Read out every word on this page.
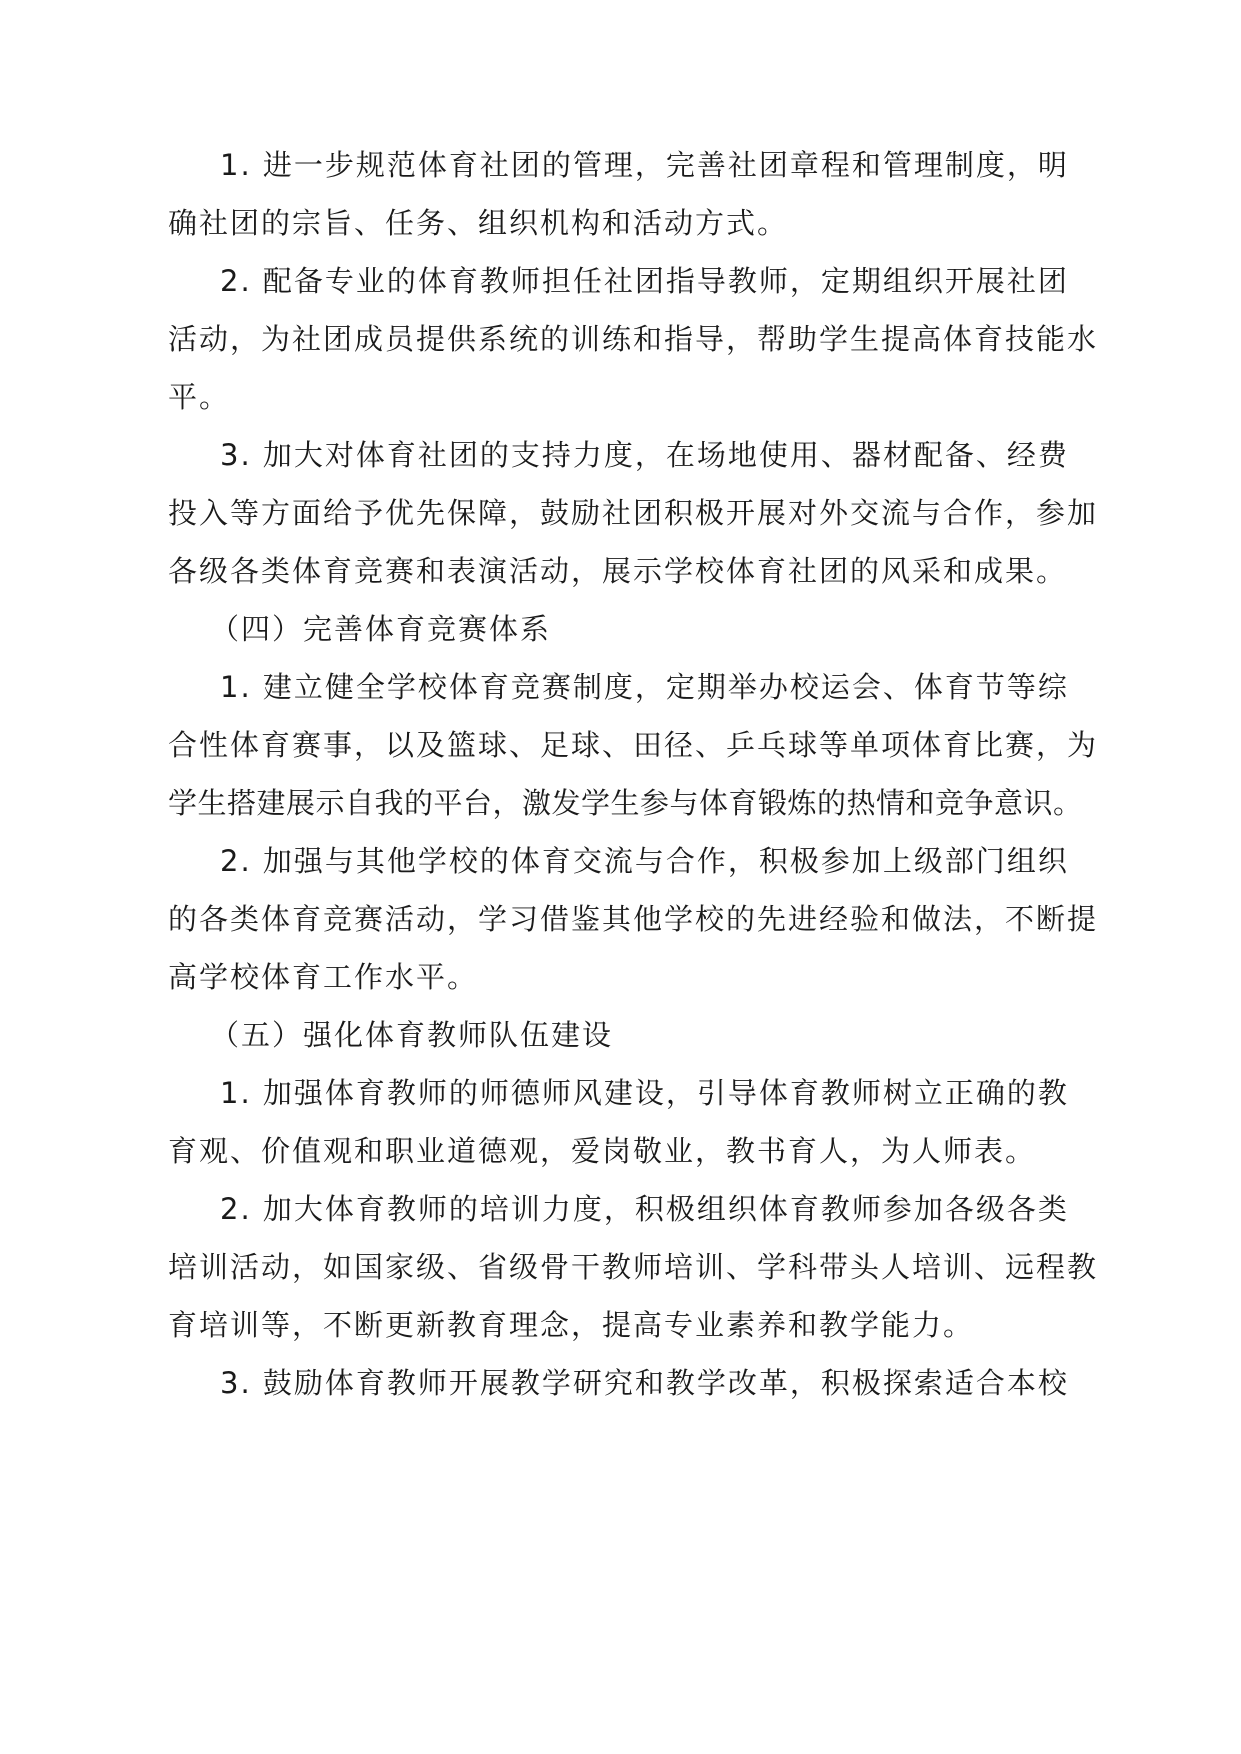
1. 进一步规范体育社团的管理，完善社团章程和管理制度，明
确社团的宗旨、任务、组织机构和活动方式。
2. 配备专业的体育教师担任社团指导教师，定期组织开展社团
活动，为社团成员提供系统的训练和指导，帮助学生提高体育技能水
平。
3. 加大对体育社团的支持力度，在场地使用、器材配备、经费
投入等方面给予优先保障，鼓励社团积极开展对外交流与合作，参加
各级各类体育竞赛和表演活动，展示学校体育社团的风采和成果。
（四）完善体育竞赛体系
1. 建立健全学校体育竞赛制度，定期举办校运会、体育节等综
合性体育赛事，以及篮球、足球、田径、乒乓球等单项体育比赛，为
学生搭建展示自我的平台，激发学生参与体育锻炼的热情和竞争意识。
2. 加强与其他学校的体育交流与合作，积极参加上级部门组织
的各类体育竞赛活动，学习借鉴其他学校的先进经验和做法，不断提
高学校体育工作水平。
（五）强化体育教师队伍建设
1. 加强体育教师的师德师风建设，引导体育教师树立正确的教
育观、价值观和职业道德观，爱岗敬业，教书育人，为人师表。
2. 加大体育教师的培训力度，积极组织体育教师参加各级各类
培训活动，如国家级、省级骨干教师培训、学科带头人培训、远程教
育培训等，不断更新教育理念，提高专业素养和教学能力。
3. 鼓励体育教师开展教学研究和教学改革，积极探索适合本校
